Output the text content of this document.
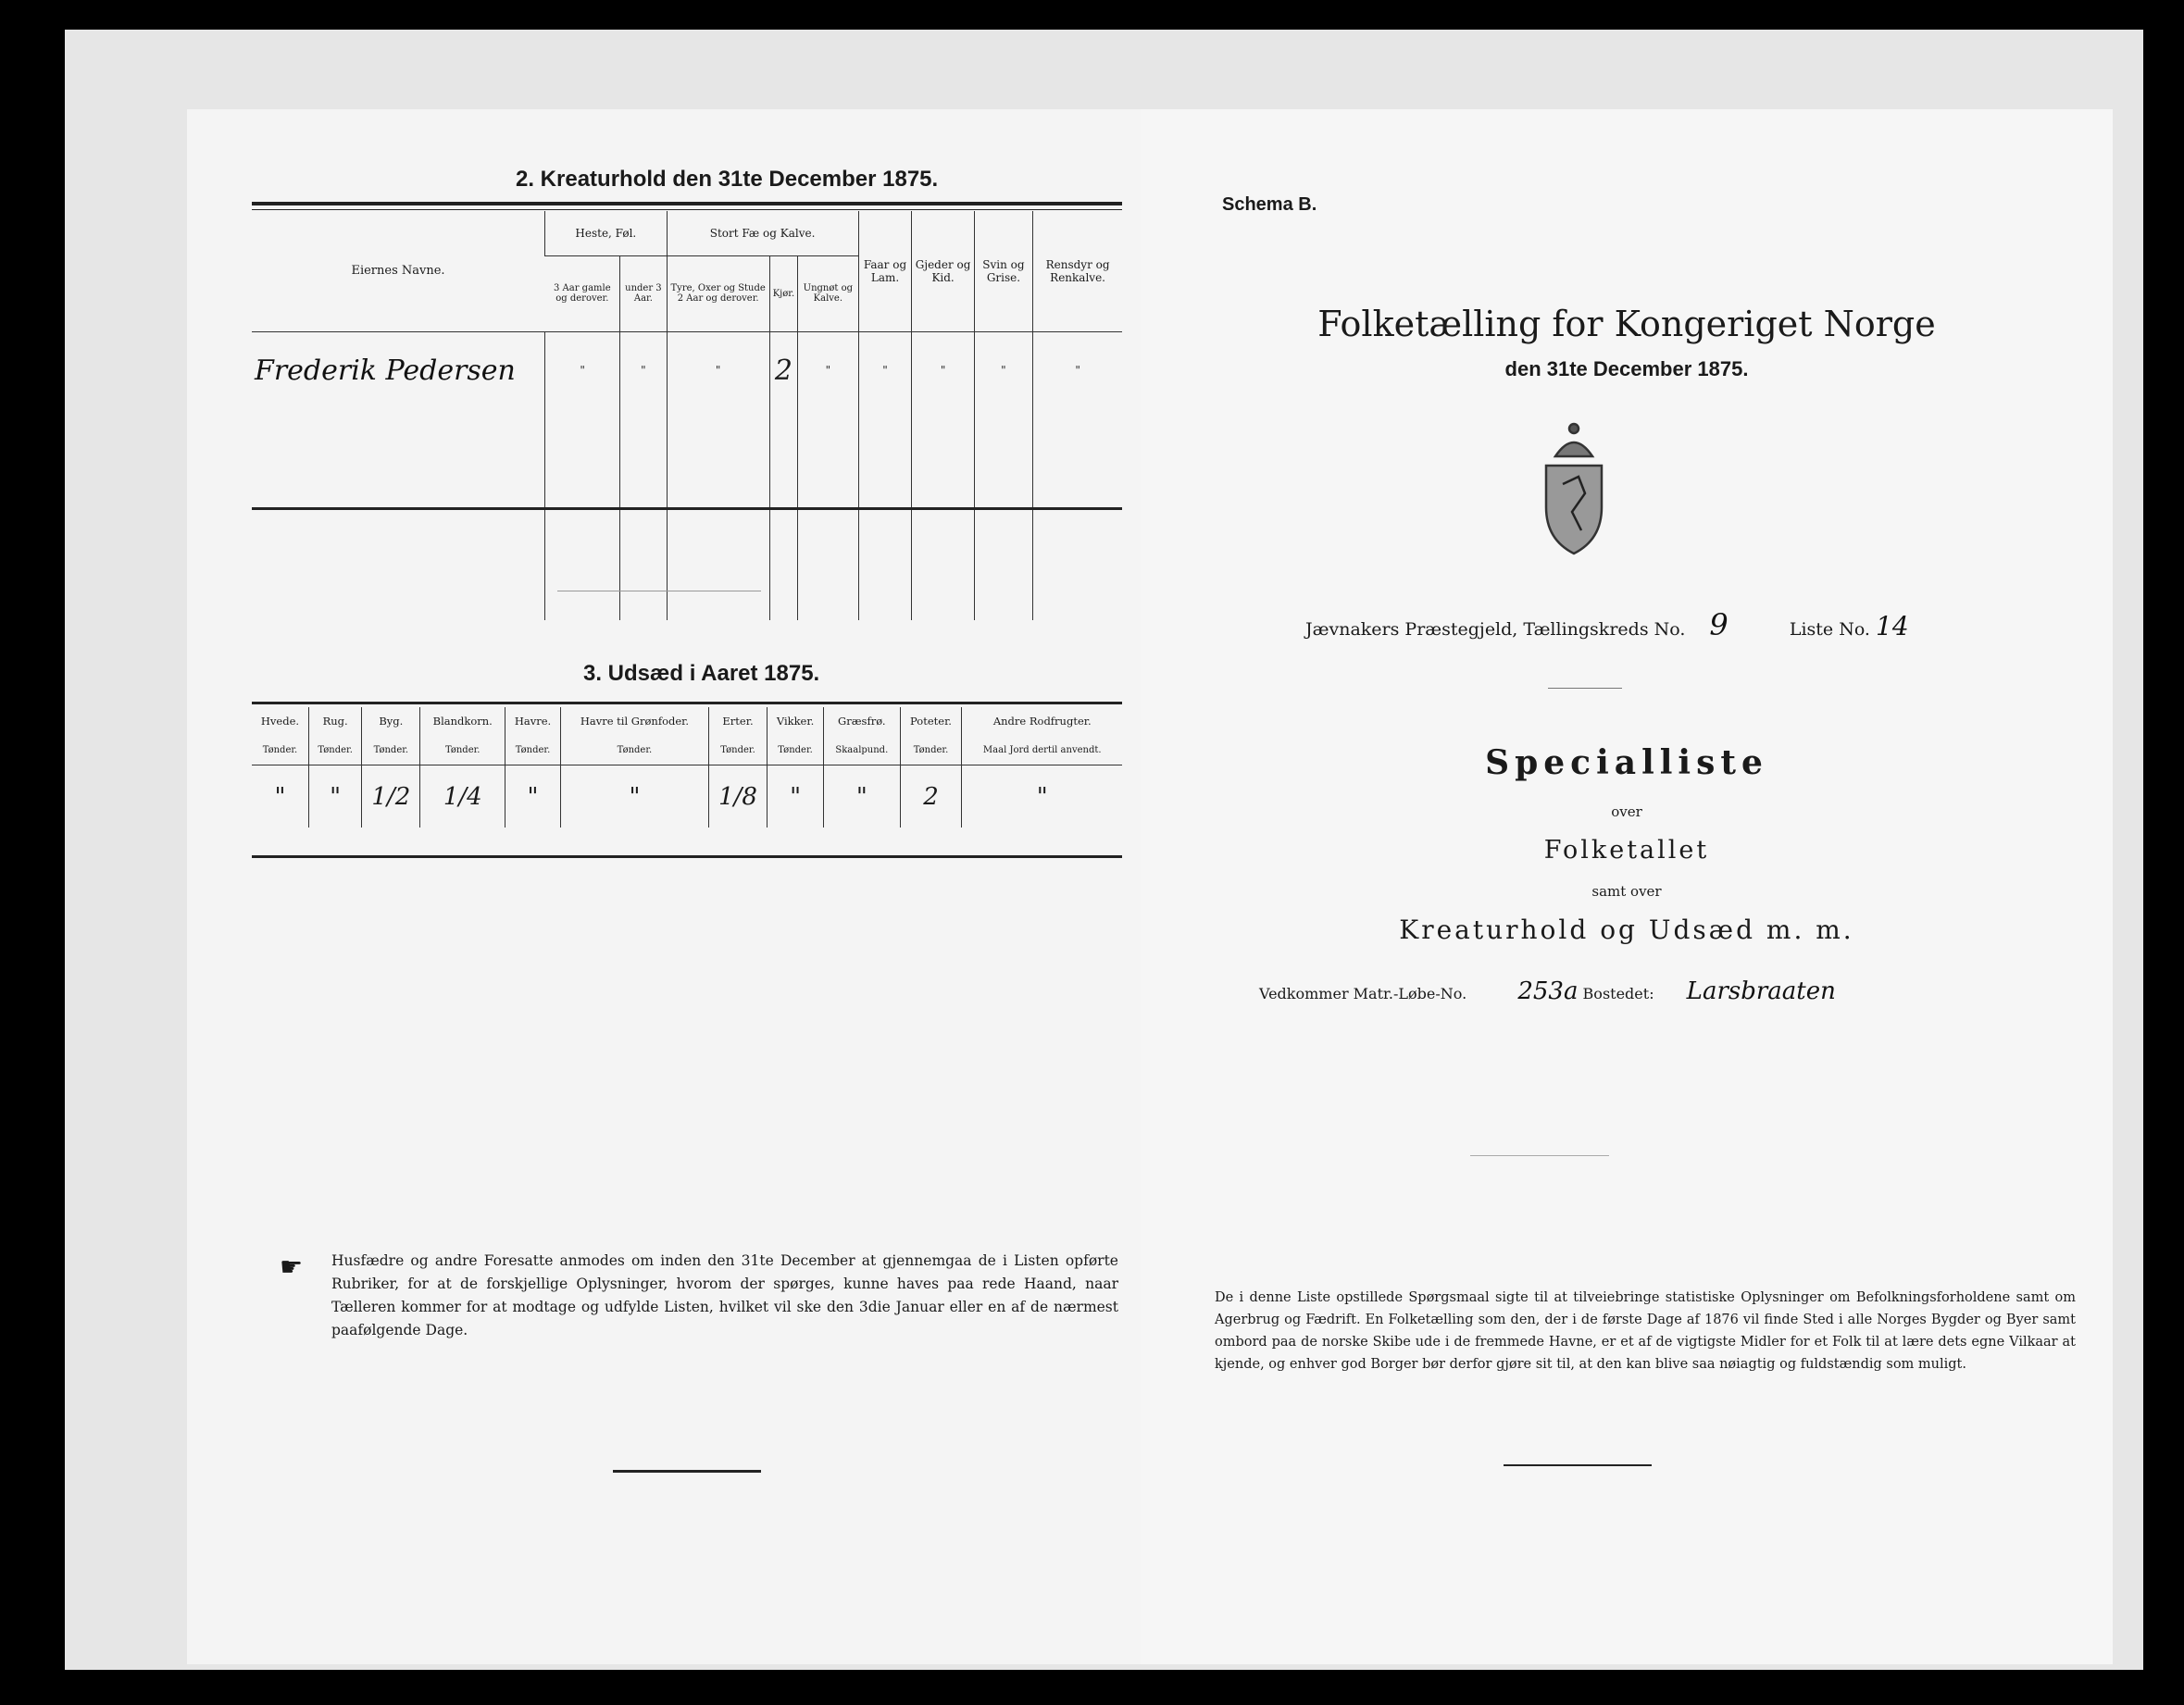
2. Kreaturhold den 31te December 1875.
Eiernes Navne.	Heste, Føl.		Stort Fæ og Kalve.			Faar og Lam.	Gjeder og Kid.	Svin og Grise.	Rensdyr og Renkalve.
	3 Aar gamle og derover.	under 3 Aar.	Tyre, Oxer og Stude 2 Aar og derover.	Kjør.	Ungnøt og Kalve.				
Frederik Pedersen	"	"	"	2	"	"	"	"	"

3. Udsæd i Aaret 1875.
Hvede.	Rug.	Byg.	Blandkorn.	Havre.	Havre til Grønfoder.	Erter.	Vikker.	Græsfrø.	Poteter.	Andre Rodfrugter.
Tønder.	Tønder.	Tønder.	Tønder.	Tønder.	Tønder.	Tønder.	Tønder.	Skaalpund.	Tønder.	Maal Jord dertil anvendt.
"	"	1/2	1/4	"	"	1/8	"	"	2	"
☛ Husfædre og andre Foresatte anmodes om inden den 31te December at gjennemgaa de i Listen opførte Rubriker, for at de forskjellige Oplysninger, hvorom der spørges, kunne haves paa rede Haand, naar Tælleren kommer for at modtage og udfylde Listen, hvilket vil ske den 3die Januar eller en af de nærmest paafølgende Dage.
Schema B.
Folketælling for Kongeriget Norge
den 31te December 1875.
Jævnakers Præstegjeld, Tællingskreds No. 9	Liste No. 14
Specialliste
over
Folketallet
samt over
Kreaturhold og Udsæd m. m.
Vedkommer Matr.-Løbe-No. 253a Bostedet: Larsbraaten
De i denne Liste opstillede Spørgsmaal sigte til at tilveiebringe statistiske Oplysninger om Befolkningsforholdene samt om Agerbrug og Fædrift. En Folketælling som den, der i de første Dage af 1876 vil finde Sted i alle Norges Bygder og Byer samt ombord paa de norske Skibe ude i de fremmede Havne, er et af de vigtigste Midler for et Folk til at lære dets egne Vilkaar at kjende, og enhver god Borger bør derfor gjøre sit til, at den kan blive saa nøiagtig og fuldstændig som muligt.
